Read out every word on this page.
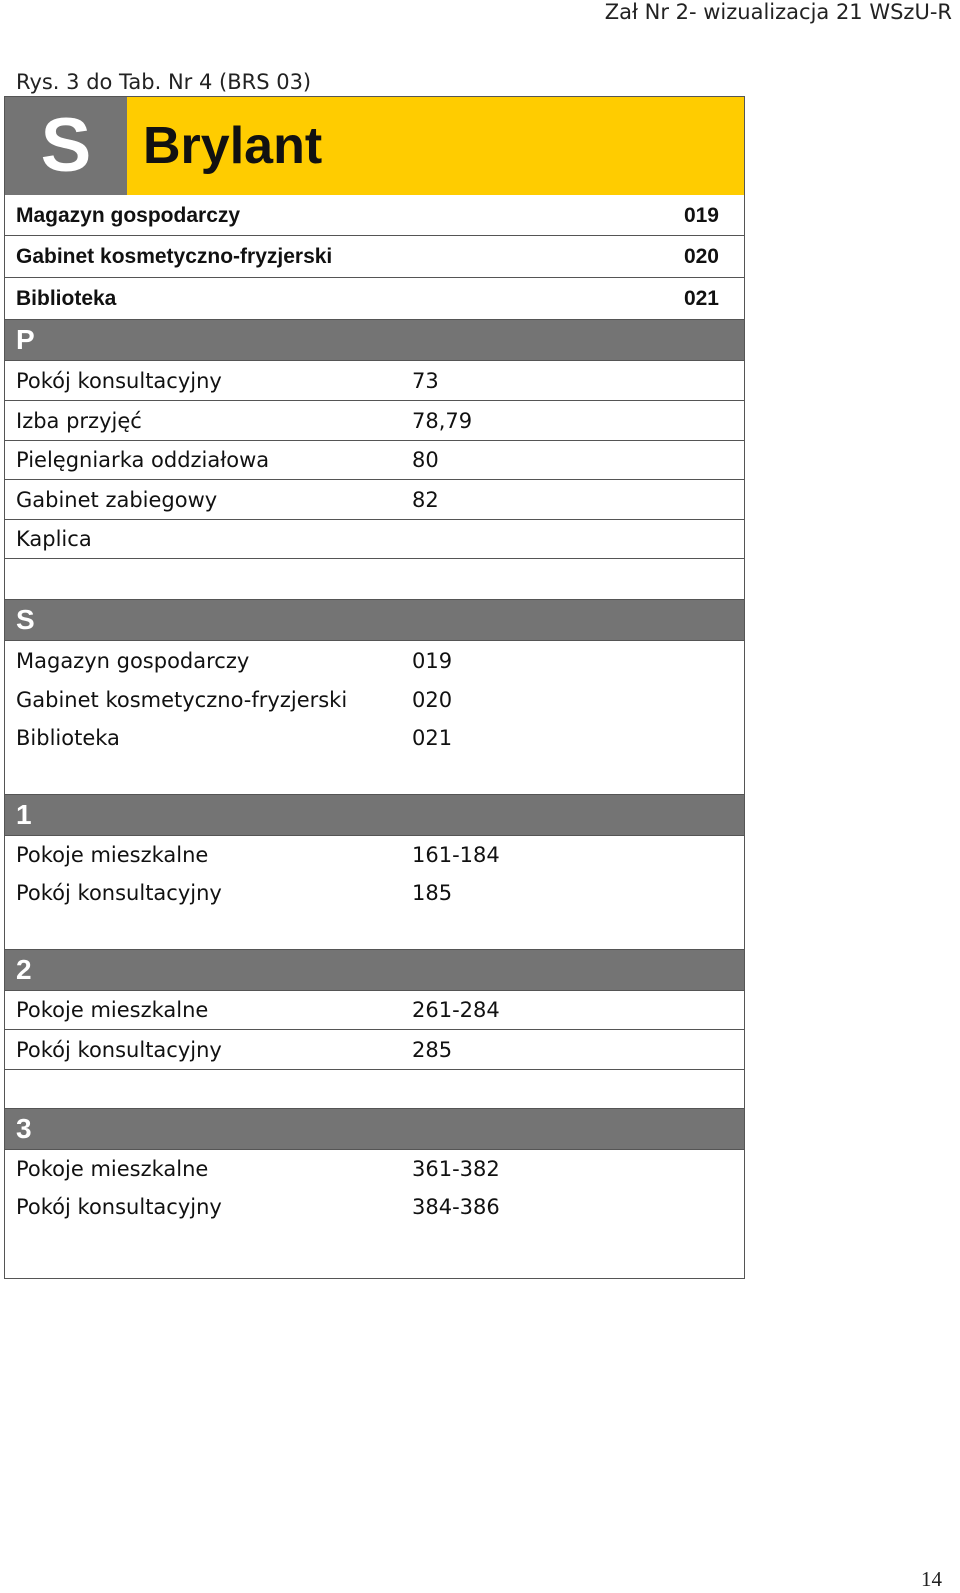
Zał Nr 2- wizualizacja 21 WSzU-R
Rys. 3 do Tab. Nr 4 (BRS 03)
S Brylant
Magazyn gospodarczy	019
Gabinet kosmetyczno-fryzjerski	020
Biblioteka	021
P
Pokój konsultacyjny	73
Izba przyjęć	78,79
Pielęgniarka oddziałowa	80
Gabinet zabiegowy	82
Kaplica
S
Magazyn gospodarczy	019
Gabinet kosmetyczno-fryzjerski	020
Biblioteka	021
1
Pokoje mieszkalne	161-184
Pokój konsultacyjny	185
2
Pokoje mieszkalne	261-284
Pokój konsultacyjny	285
3
Pokoje mieszkalne	361-382
Pokój konsultacyjny	384-386
14
